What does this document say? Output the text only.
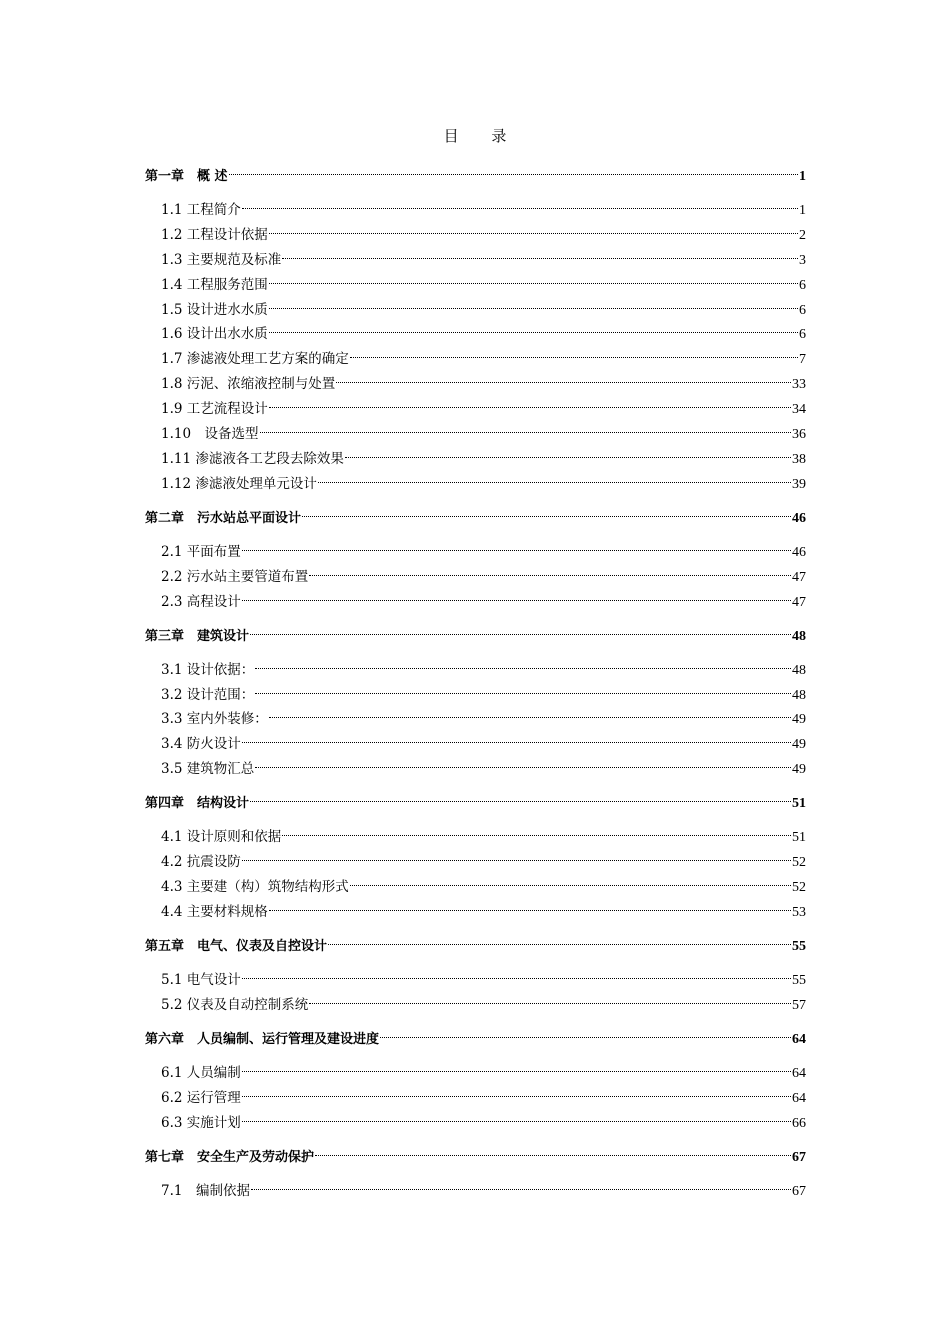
目 录
第一章　概 述	1
1.1 工程简介	1
1.2 工程设计依据	2
1.3 主要规范及标准	3
1.4 工程服务范围	6
1.5 设计进水水质	6
1.6 设计出水水质	6
1.7 渗滤液处理工艺方案的确定	7
1.8 污泥、浓缩液控制与处置	33
1.9 工艺流程设计	34
1.10　设备选型	36
1.11 渗滤液各工艺段去除效果	38
1.12 渗滤液处理单元设计	39
第二章　污水站总平面设计	46
2.1 平面布置	46
2.2 污水站主要管道布置	47
2.3 高程设计	47
第三章　建筑设计	48
3.1 设计依据：	48
3.2 设计范围：	48
3.3 室内外装修：	49
3.4 防火设计	49
3.5 建筑物汇总	49
第四章　结构设计	51
4.1 设计原则和依据	51
4.2 抗震设防	52
4.3 主要建（构）筑物结构形式	52
4.4 主要材料规格	53
第五章　电气、仪表及自控设计	55
5.1 电气设计	55
5.2 仪表及自动控制系统	57
第六章　人员编制、运行管理及建设进度	64
6.1 人员编制	64
6.2 运行管理	64
6.3 实施计划	66
第七章　安全生产及劳动保护	67
7.1　编制依据	67
